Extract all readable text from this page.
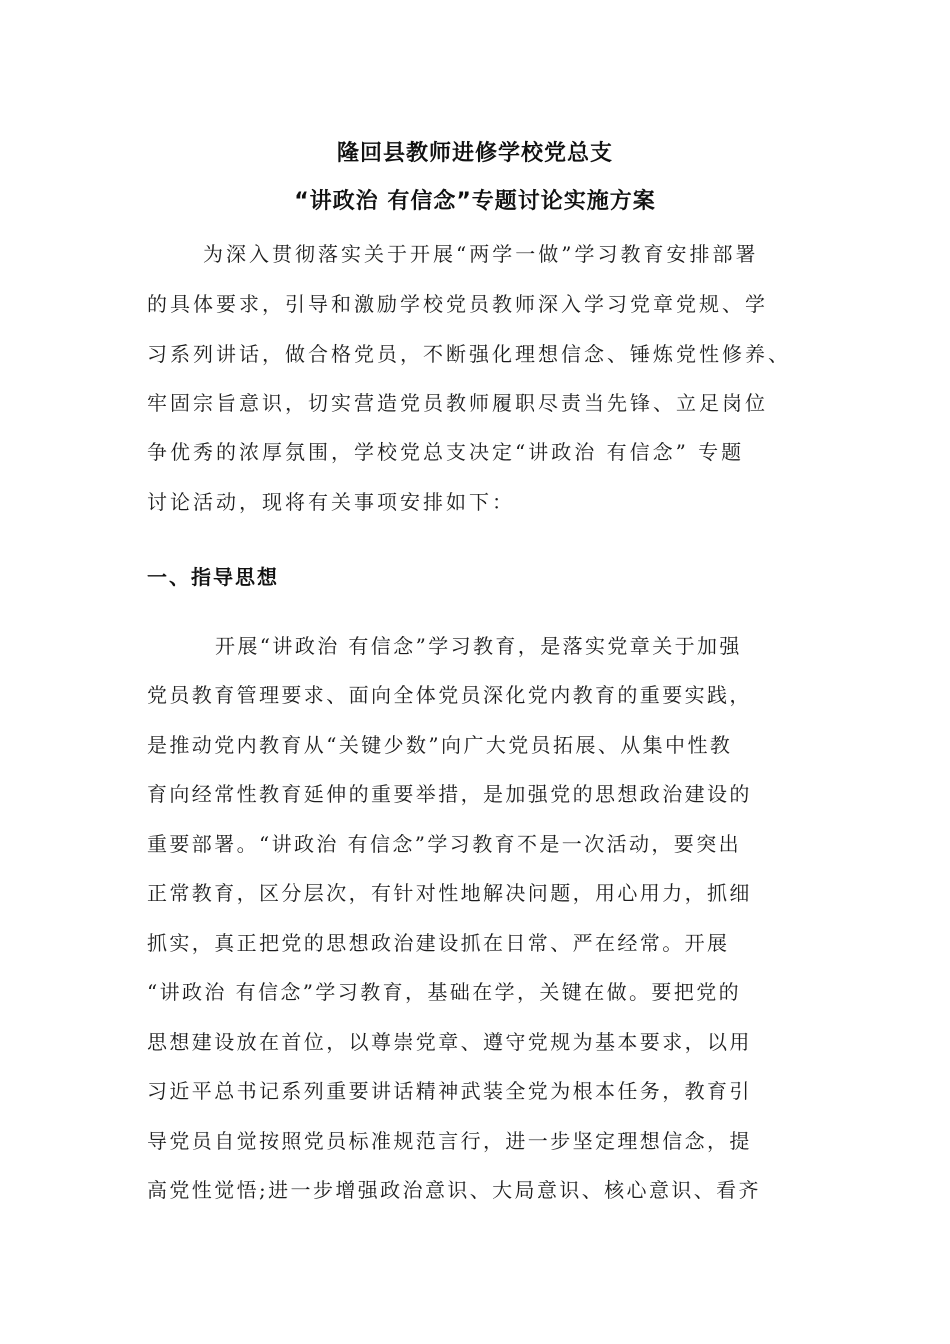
隆回县教师进修学校党总支
“讲政治 有信念”专题讨论实施方案
为深入贯彻落实关于开展“两学一做”学习教育安排部署
的具体要求，引导和激励学校党员教师深入学习党章党规、学
习系列讲话，做合格党员，不断强化理想信念、锤炼党性修养、
牢固宗旨意识，切实营造党员教师履职尽责当先锋、立足岗位
争优秀的浓厚氛围，学校党总支决定“讲政治 有信念” 专题
讨论活动，现将有关事项安排如下：
一、指导思想
开展“讲政治 有信念”学习教育，是落实党章关于加强
党员教育管理要求、面向全体党员深化党内教育的重要实践，
是推动党内教育从“关键少数”向广大党员拓展、从集中性教
育向经常性教育延伸的重要举措，是加强党的思想政治建设的
重要部署。“讲政治 有信念”学习教育不是一次活动，要突出
正常教育，区分层次，有针对性地解决问题，用心用力，抓细
抓实，真正把党的思想政治建设抓在日常、严在经常。开展
“讲政治 有信念”学习教育，基础在学，关键在做。要把党的
思想建设放在首位，以尊崇党章、遵守党规为基本要求，以用
习近平总书记系列重要讲话精神武装全党为根本任务，教育引
导党员自觉按照党员标准规范言行，进一步坚定理想信念，提
高党性觉悟;进一步增强政治意识、大局意识、核心意识、看齐
